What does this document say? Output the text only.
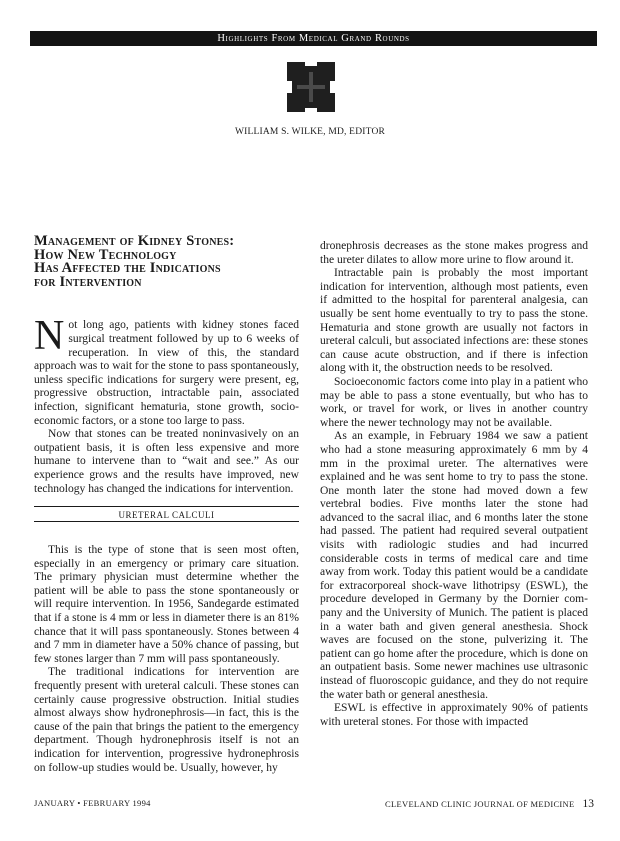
Highlights From Medical Grand Rounds
WILLIAM S. WILKE, MD, EDITOR
Management of Kidney Stones:
How New Technology
Has Affected the Indications
for Intervention

Not long ago, patients with kidney stones faced surgical treatment followed by up to 6 weeks of recuperation. In view of this, the standard approach was to wait for the stone to pass spontaneously, unless specific indications for surgery were present, eg, progressive obstruction, intractable pain, associated infection, significant hematuria, stone growth, socioeconomic factors, or a stone too large to pass.

Now that stones can be treated noninvasively on an outpatient basis, it is often less expensive and more humane to intervene than to “wait and see.” As our experience grows and the results have improved, new technology has changed the indications for intervention.

URETERAL CALCULI

This is the type of stone that is seen most often, especially in an emergency or primary care situation. The primary physician must determine whether the patient will be able to pass the stone spontaneously or will require intervention. In 1956, Sandegarde estimated that if a stone is 4 mm or less in diameter there is an 81% chance that it will pass spontaneously. Stones between 4 and 7 mm in diameter have a 50% chance of passing, but few stones larger than 7 mm will pass spontaneously.

The traditional indications for intervention are frequently present with ureteral calculi. These stones can certainly cause progressive obstruction. Initial studies almost always show hydronephrosis—in fact, this is the cause of the pain that brings the patient to the emergency department. Though hydronephrosis itself is not an indication for intervention, progressive hydronephrosis on follow-up studies would be. Usually, however, hy

dronephrosis decreases as the stone makes progress and the ureter dilates to allow more urine to flow around it.

Intractable pain is probably the most important indication for intervention, although most patients, even if admitted to the hospital for parenteral analgesia, can usually be sent home eventually to try to pass the stone. Hematuria and stone growth are usually not factors in ureteral calculi, but associated infections are: these stones can cause acute obstruction, and if there is infection along with it, the obstruction needs to be resolved.

Socioeconomic factors come into play in a patient who may be able to pass a stone eventually, but who has to work, or travel for work, or lives in another country where the newer technology may not be available.

As an example, in February 1984 we saw a patient who had a stone measuring approximately 6 mm by 4 mm in the proximal ureter. The alternatives were explained and he was sent home to try to pass the stone. One month later the stone had moved down a few vertebral bodies. Five months later the stone had advanced to the sacral iliac, and 6 months later the stone had passed. The patient had required several outpatient visits with radiologic studies and had incurred considerable costs in terms of medical care and time away from work. Today this patient would be a candidate for extracorporeal shock-wave lithotripsy (ESWL), the procedure developed in Germany by the Dornier company and the University of Munich. The patient is placed in a water bath and given general anesthesia. Shock waves are focused on the stone, pulverizing it. The patient can go home after the procedure, which is done on an outpatient basis. Some newer machines use ultrasonic instead of fluoroscopic guidance, and they do not require the water bath or general anesthesia.

ESWL is effective in approximately 90% of patients with ureteral stones. For those with impacted

JANUARY • FEBRUARY 1994	CLEVELAND CLINIC JOURNAL OF MEDICINE 13
